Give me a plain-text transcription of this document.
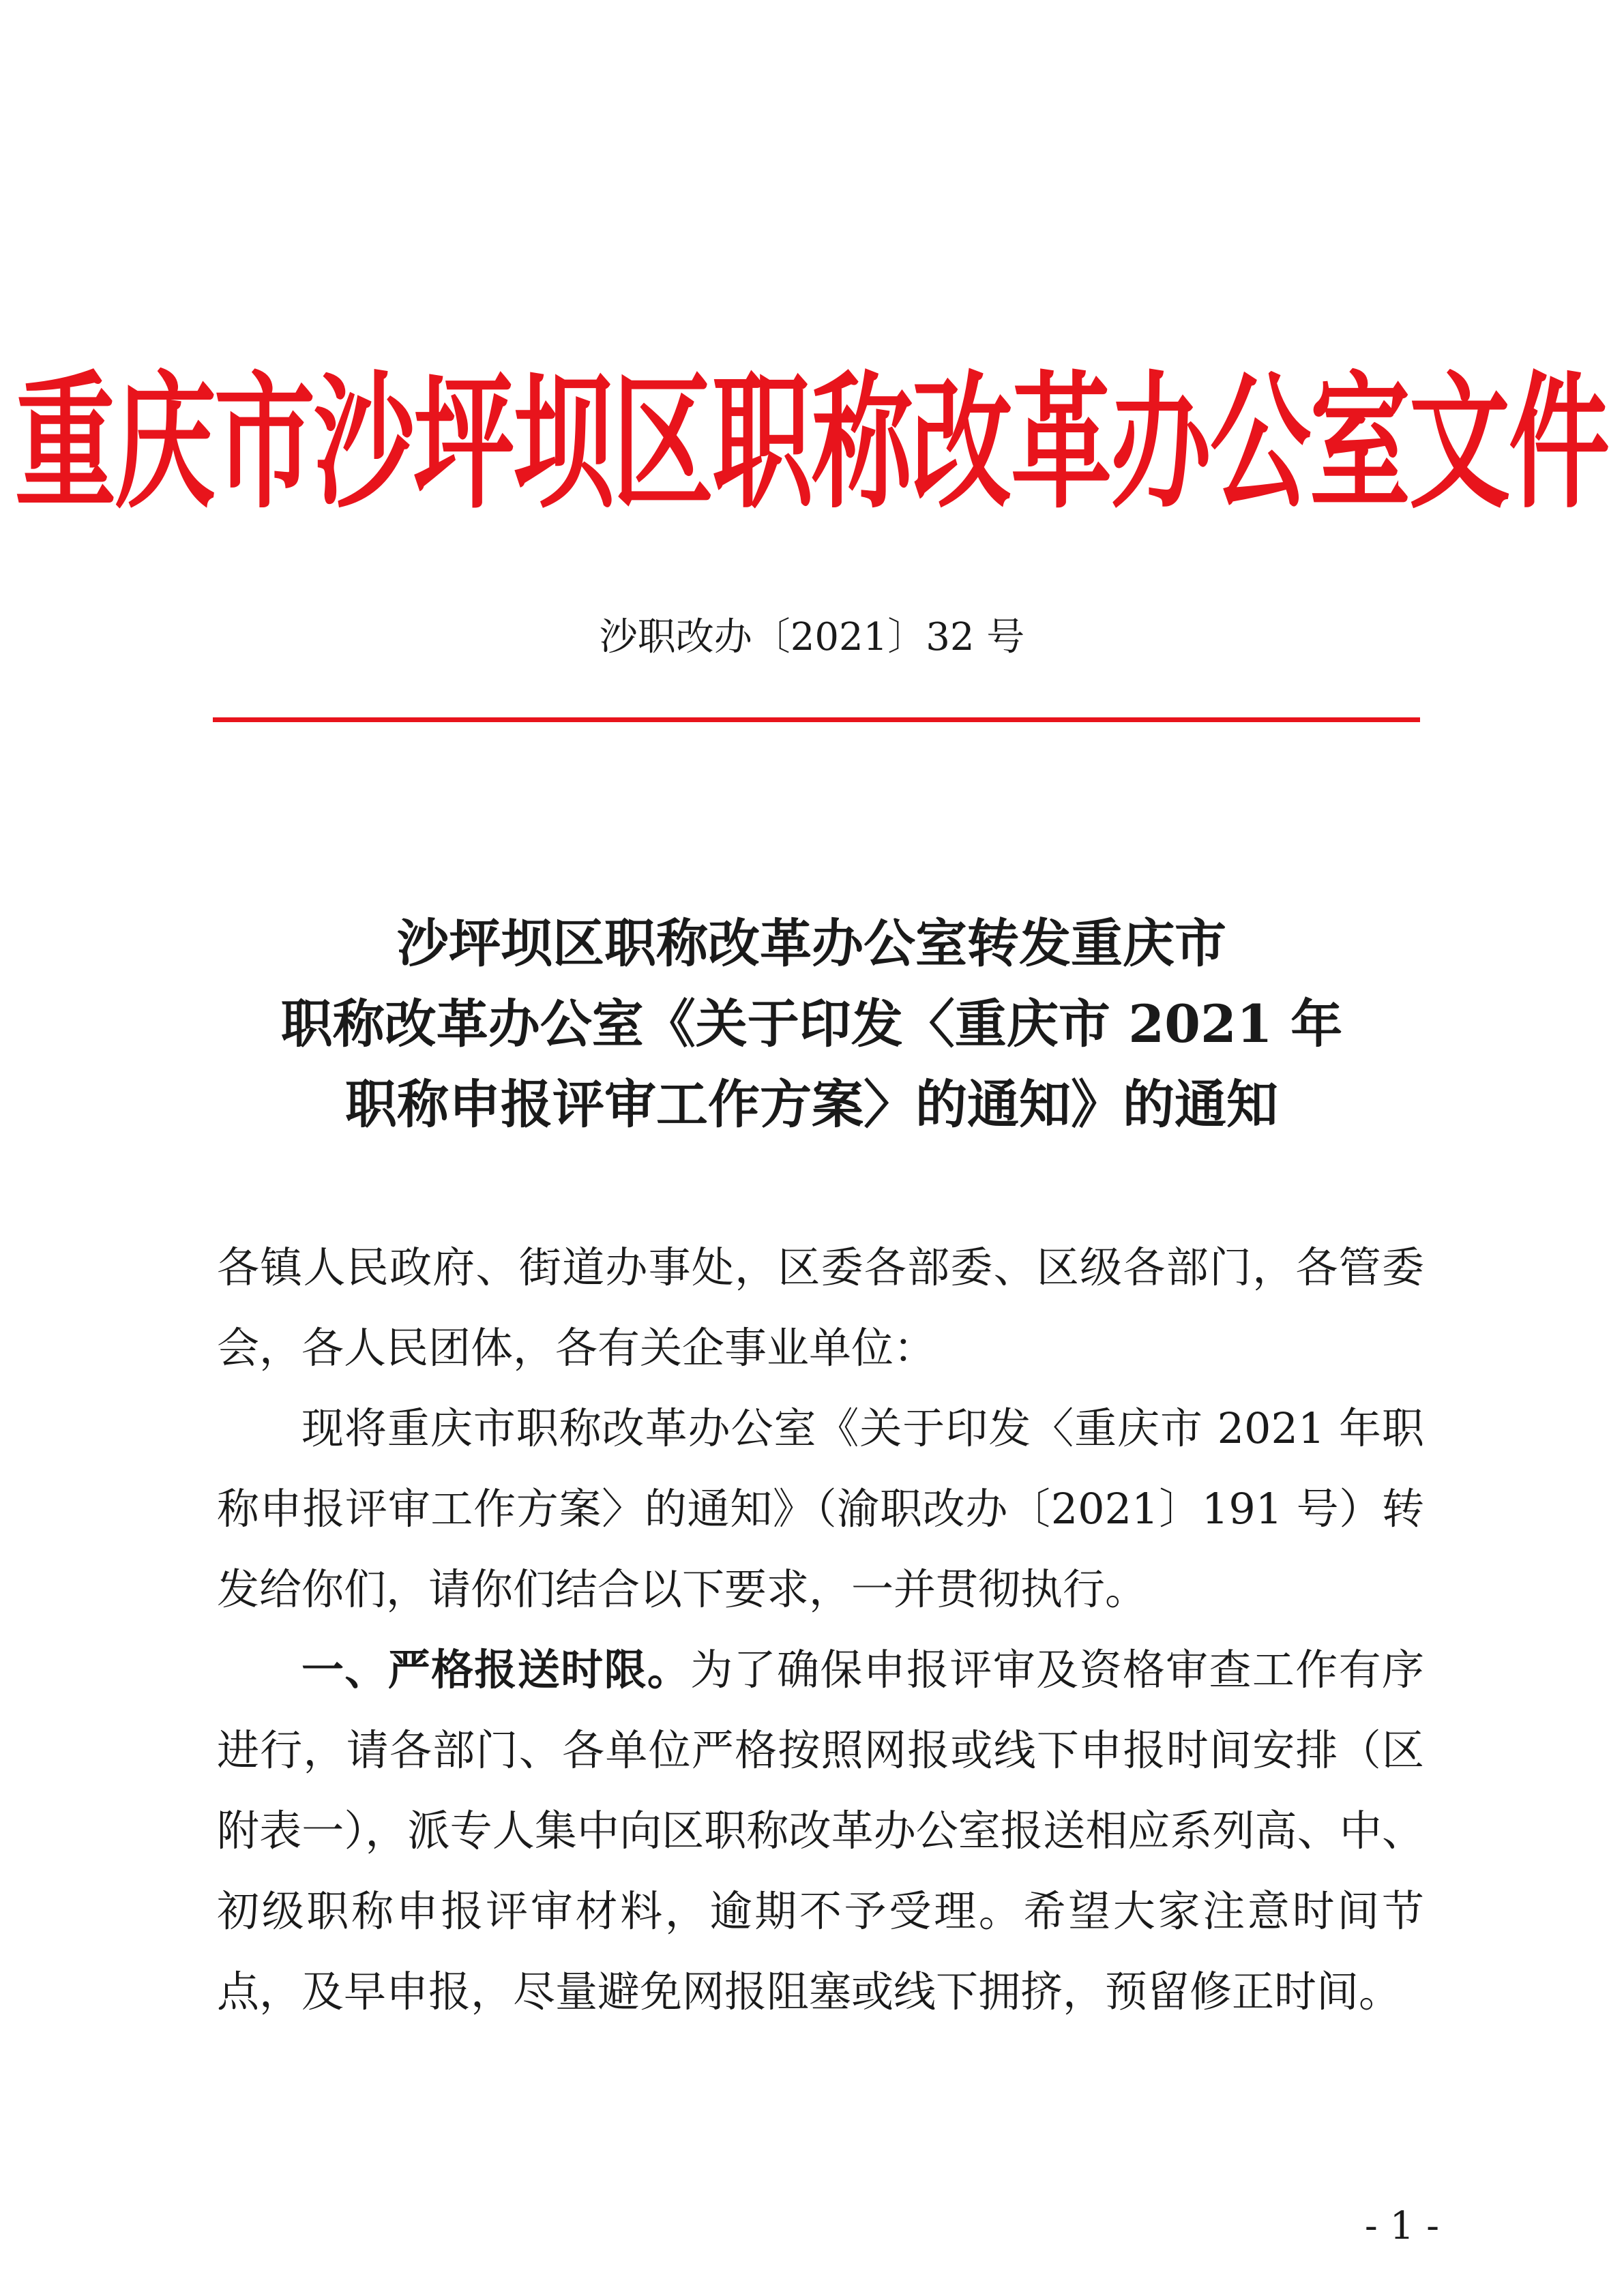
重庆市沙坪坝区职称改革办公室文件
沙职改办〔2021〕32 号
沙坪坝区职称改革办公室转发重庆市
职称改革办公室《关于印发〈重庆市 2021 年
职称申报评审工作方案〉的通知》的通知

各镇人民政府、街道办事处，区委各部委、区级各部门，各管委会，各人民团体，各有关企事业单位：

现将重庆市职称改革办公室《关于印发〈重庆市 2021 年职称申报评审工作方案〉的通知》（渝职改办〔2021〕191 号）转发给你们，请你们结合以下要求，一并贯彻执行。

一、严格报送时限。为了确保申报评审及资格审查工作有序进行，请各部门、各单位严格按照网报或线下申报时间安排（区附表一），派专人集中向区职称改革办公室报送相应系列高、中、初级职称申报评审材料，逾期不予受理。希望大家注意时间节点，及早申报，尽量避免网报阻塞或线下拥挤，预留修正时间。

- 1 -
